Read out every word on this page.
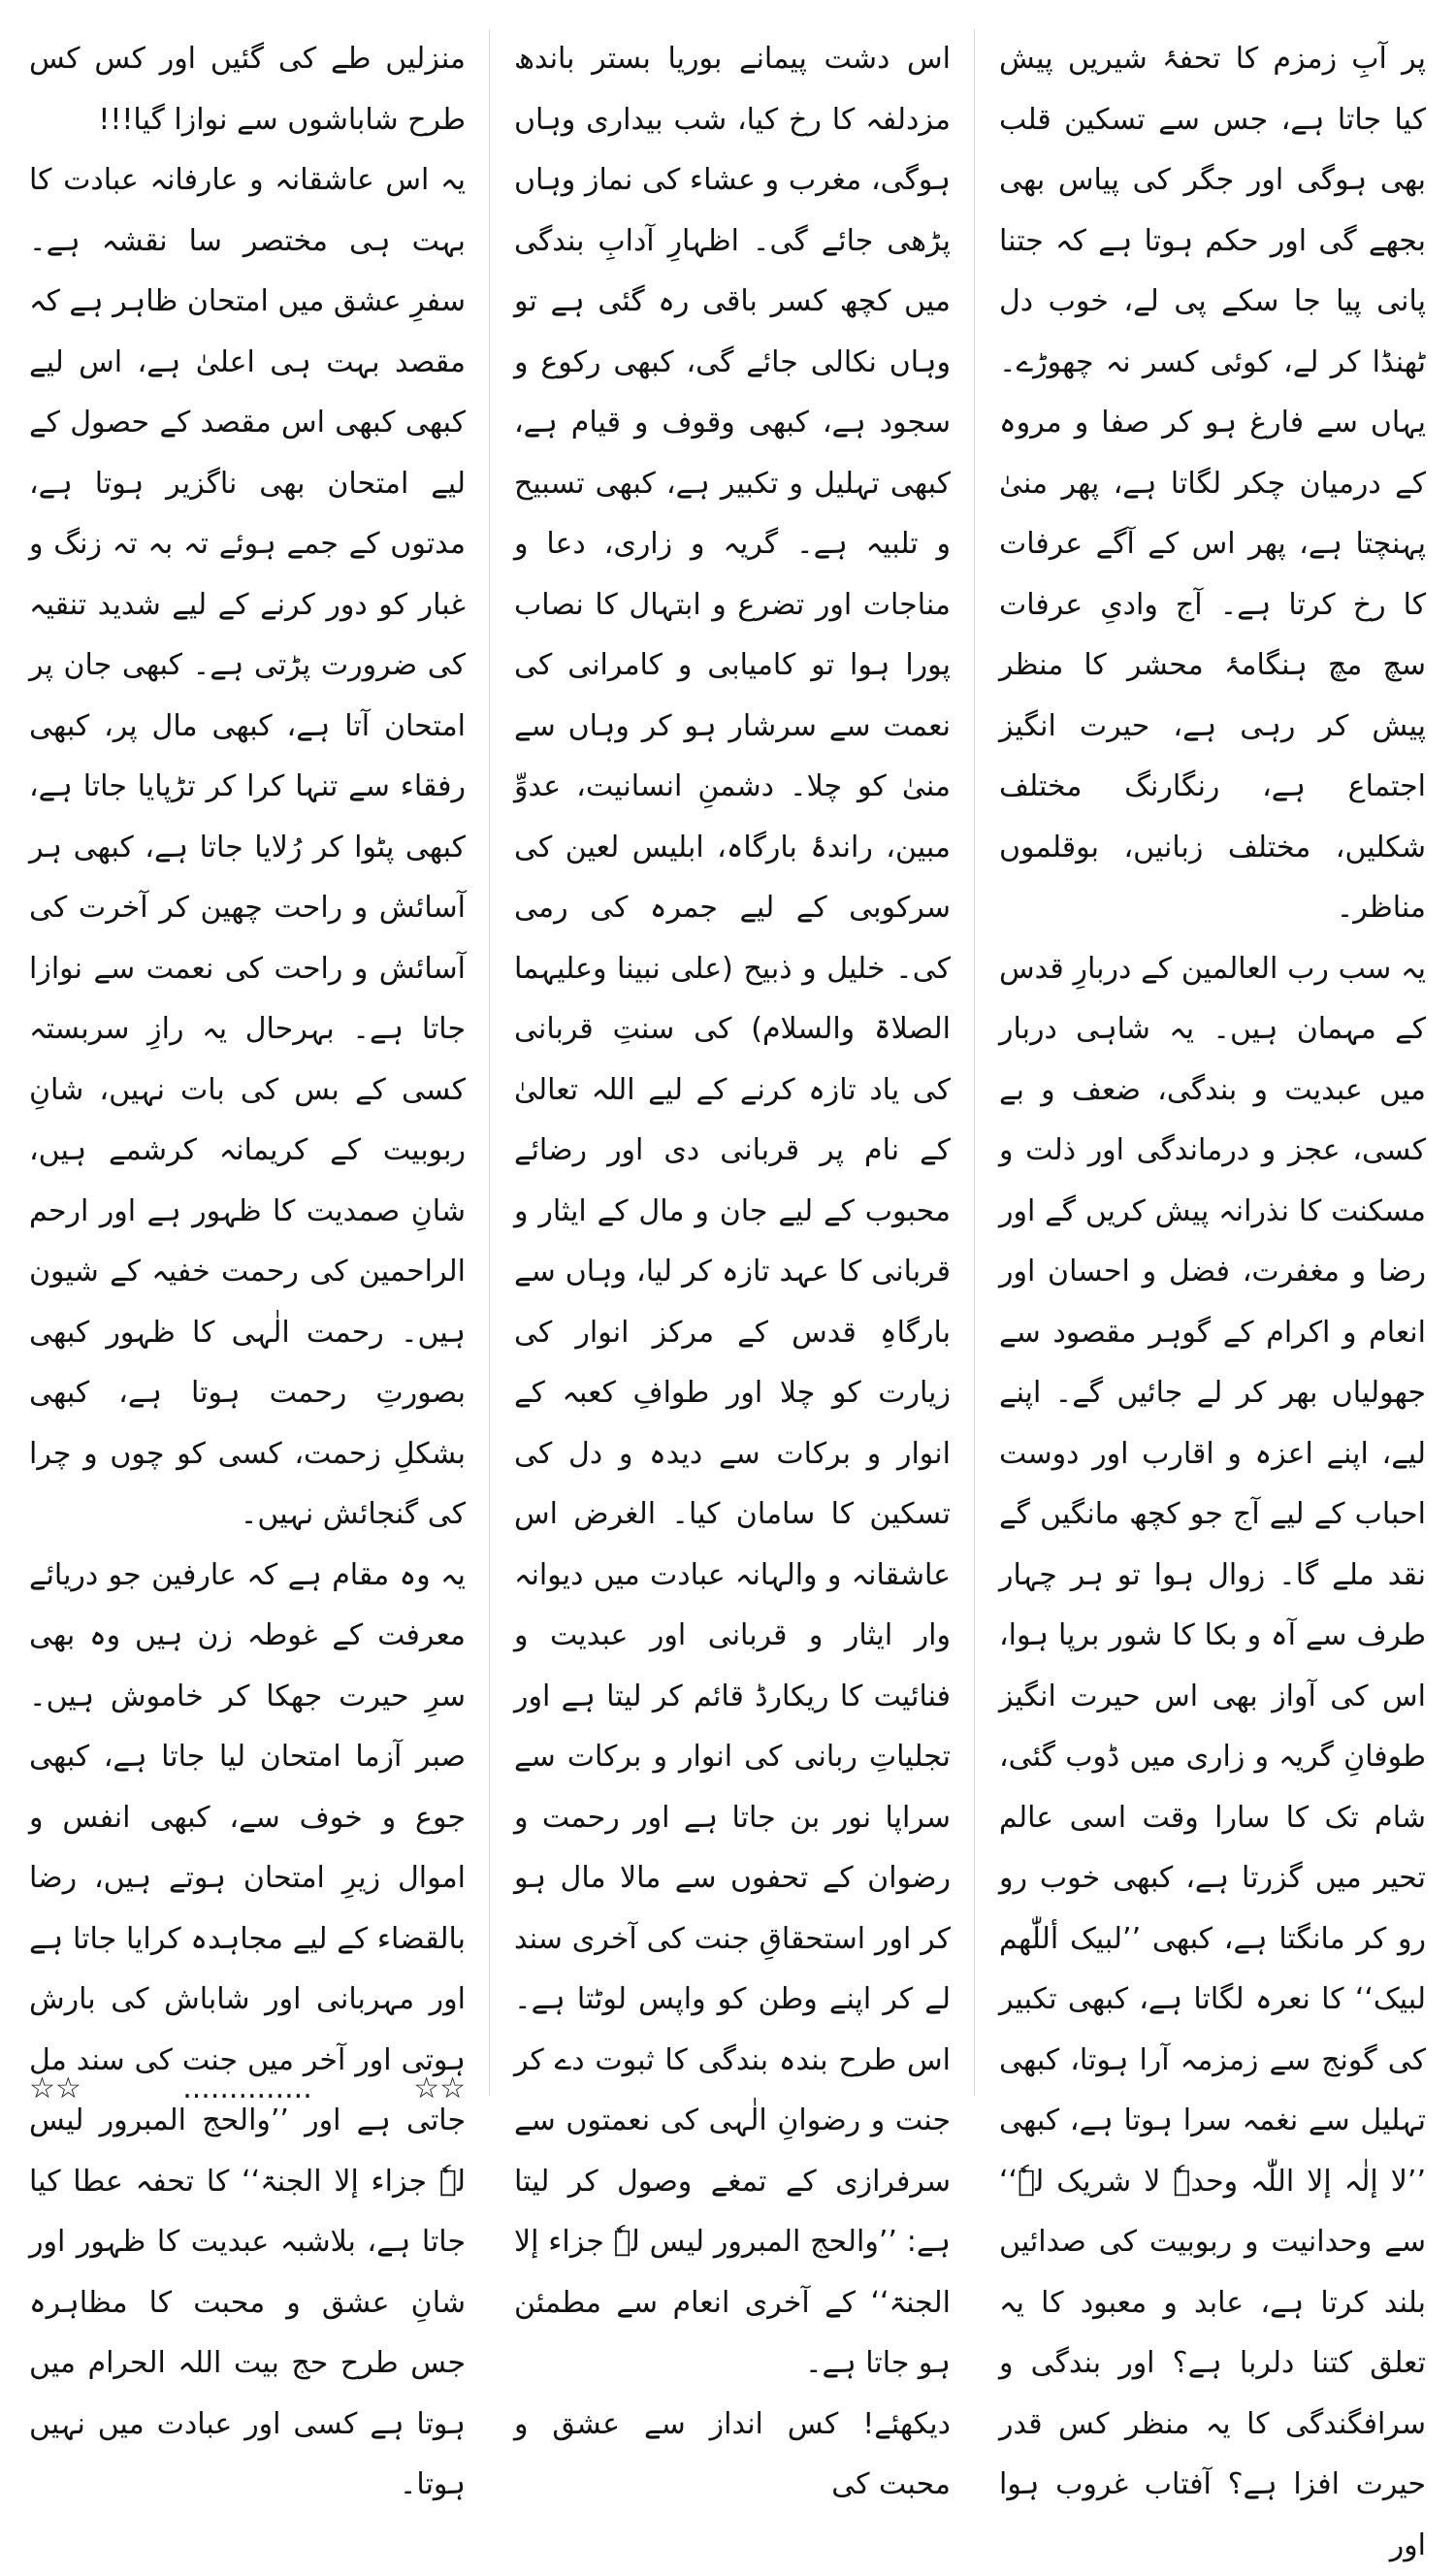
پر آبِ زمزم کا تحفۂ شیریں پیش کیا جاتا ہے، جس سے تسکین قلب بھی ہوگی اور جگر کی پیاس بھی بجھے گی اور حکم ہوتا ہے کہ جتنا پانی پیا جا سکے پی لے، خوب دل ٹھنڈا کر لے، کوئی کسر نہ چھوڑے۔ یہاں سے فارغ ہو کر صفا و مروہ کے درمیان چکر لگاتا ہے، پھر منیٰ پہنچتا ہے، پھر اس کے آگے عرفات کا رخ کرتا ہے۔ آج وادیِ عرفات سچ مچ ہنگامۂ محشر کا منظر پیش کر رہی ہے، حیرت انگیز اجتماع ہے، رنگارنگ مختلف شکلیں، مختلف زبانیں، بوقلموں مناظر۔

یہ سب رب العالمین کے دربارِ قدس کے مہمان ہیں۔ یہ شاہی دربار میں عبدیت و بندگی، ضعف و بے کسی، عجز و درماندگی اور ذلت و مسکنت کا نذرانہ پیش کریں گے اور رضا و مغفرت، فضل و احسان اور انعام و اکرام کے گوہر مقصود سے جھولیاں بھر کر لے جائیں گے۔ اپنے لیے، اپنے اعزہ و اقارب اور دوست احباب کے لیے آج جو کچھ مانگیں گے نقد ملے گا۔ زوال ہوا تو ہر چہار طرف سے آہ و بکا کا شور برپا ہوا، اس کی آواز بھی اس حیرت انگیز طوفانِ گریہ و زاری میں ڈوب گئی، شام تک کا سارا وقت اسی عالم تحیر میں گزرتا ہے، کبھی خوب رو رو کر مانگتا ہے، کبھی ’’لبیک أللّٰھم لبیک‘‘ کا نعرہ لگاتا ہے، کبھی تکبیر کی گونج سے زمزمہ آرا ہوتا، کبھی تہلیل سے نغمہ سرا ہوتا ہے، کبھی ’’لا إلٰہ إلا اللّٰہ وحدہٗ لا شریک لہٗ‘‘ سے وحدانیت و ربوبیت کی صدائیں بلند کرتا ہے، عابد و معبود کا یہ تعلق کتنا دلربا ہے؟ اور بندگی و سرافگندگی کا یہ منظر کس قدر حیرت افزا ہے؟ آفتاب غروب ہوا اور

اس دشت پیمانے بوریا بستر باندھ مزدلفہ کا رخ کیا، شب بیداری وہاں ہوگی، مغرب و عشاء کی نماز وہاں پڑھی جائے گی۔ اظہارِ آدابِ بندگی میں کچھ کسر باقی رہ گئی ہے تو وہاں نکالی جائے گی، کبھی رکوع و سجود ہے، کبھی وقوف و قیام ہے، کبھی تہلیل و تکبیر ہے، کبھی تسبیح و تلبیہ ہے۔ گریہ و زاری، دعا و مناجات اور تضرع و ابتہال کا نصاب پورا ہوا تو کامیابی و کامرانی کی نعمت سے سرشار ہو کر وہاں سے منیٰ کو چلا۔ دشمنِ انسانیت، عدوِّ مبین، راندۂ بارگاہ، ابلیس لعین کی سرکوبی کے لیے جمرہ کی رمی کی۔ خلیل و ذبیح (علی نبینا وعلیہما الصلاۃ والسلام) کی سنتِ قربانی کی یاد تازہ کرنے کے لیے اللہ تعالیٰ کے نام پر قربانی دی اور رضائے محبوب کے لیے جان و مال کے ایثار و قربانی کا عہد تازہ کر لیا، وہاں سے بارگاہِ قدس کے مرکز انوار کی زیارت کو چلا اور طوافِ کعبہ کے انوار و برکات سے دیدہ و دل کی تسکین کا سامان کیا۔ الغرض اس عاشقانہ و والہانہ عبادت میں دیوانہ وار ایثار و قربانی اور عبدیت و فنائیت کا ریکارڈ قائم کر لیتا ہے اور تجلیاتِ ربانی کی انوار و برکات سے سراپا نور بن جاتا ہے اور رحمت و رضوان کے تحفوں سے مالا مال ہو کر اور استحقاقِ جنت کی آخری سند لے کر اپنے وطن کو واپس لوٹتا ہے۔ اس طرح بندہ بندگی کا ثبوت دے کر جنت و رضوانِ الٰہی کی نعمتوں سے سرفرازی کے تمغے وصول کر لیتا ہے: ’’والحج المبرور لیس لہٗ جزاء إلا الجنۃ‘‘ کے آخری انعام سے مطمئن ہو جاتا ہے۔

دیکھئے! کس انداز سے عشق و محبت کی

منزلیں طے کی گئیں اور کس کس طرح شاباشوں سے نوازا گیا!!!

یہ اس عاشقانہ و عارفانہ عبادت کا بہت ہی مختصر سا نقشہ ہے۔ سفرِ عشق میں امتحان ظاہر ہے کہ مقصد بہت ہی اعلیٰ ہے، اس لیے کبھی کبھی اس مقصد کے حصول کے لیے امتحان بھی ناگزیر ہوتا ہے، مدتوں کے جمے ہوئے تہ بہ تہ زنگ و غبار کو دور کرنے کے لیے شدید تنقیہ کی ضرورت پڑتی ہے۔ کبھی جان پر امتحان آتا ہے، کبھی مال پر، کبھی رفقاء سے تنہا کرا کر تڑپایا جاتا ہے، کبھی پٹوا کر رُلایا جاتا ہے، کبھی ہر آسائش و راحت چھین کر آخرت کی آسائش و راحت کی نعمت سے نوازا جاتا ہے۔ بہرحال یہ رازِ سربستہ کسی کے بس کی بات نہیں، شانِ ربوبیت کے کریمانہ کرشمے ہیں، شانِ صمدیت کا ظہور ہے اور ارحم الراحمین کی رحمت خفیہ کے شیون ہیں۔ رحمت الٰہی کا ظہور کبھی بصورتِ رحمت ہوتا ہے، کبھی بشکلِ زحمت، کسی کو چوں و چرا کی گنجائش نہیں۔

یہ وہ مقام ہے کہ عارفین جو دریائے معرفت کے غوطہ زن ہیں وہ بھی سرِ حیرت جھکا کر خاموش ہیں۔ صبر آزما امتحان لیا جاتا ہے، کبھی جوع و خوف سے، کبھی انفس و اموال زیرِ امتحان ہوتے ہیں، رضا بالقضاء کے لیے مجاہدہ کرایا جاتا ہے اور مہربانی اور شاباش کی بارش ہوتی اور آخر میں جنت کی سند مل جاتی ہے اور ’’والحج المبرور لیس لہٗ جزاء إلا الجنۃ‘‘ کا تحفہ عطا کیا جاتا ہے، بلاشبہ عبدیت کا ظہور اور شانِ عشق و محبت کا مظاہرہ جس طرح حج بیت اللہ الحرام میں ہوتا ہے کسی اور عبادت میں نہیں ہوتا۔

☆☆	..............	☆☆
